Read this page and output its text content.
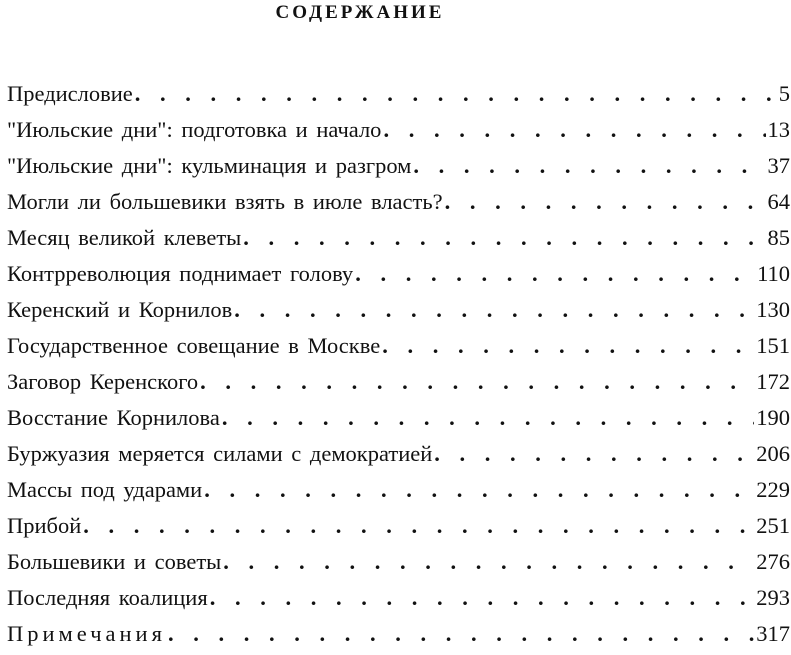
СОДЕРЖАНИЕ
Предисловие . . .	5
"Июльские дни": подготовка и начало . . .	13
"Июльские дни": кульминация и разгром . . .	37
Могли ли большевики взять в июле власть? . . .	64
Месяц великой клеветы . . .	85
Контрреволюция поднимает голову . . .	110
Керенский и Корнилов . . .	130
Государственное совещание в Москве . . .	151
Заговор Керенского . . .	172
Восстание Корнилова . . .	190
Буржуазия меряется силами с демократией . . .	206
Массы под ударами . . .	229
Прибой . . .	251
Большевики и советы . . .	276
Последняя коалиция . . .	293
Примечания . . .	317
